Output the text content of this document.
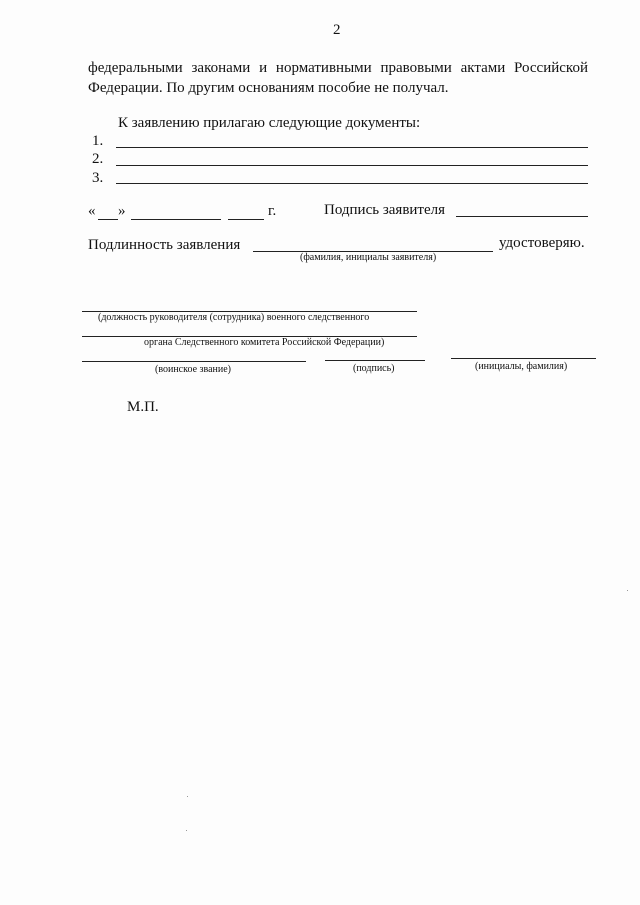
2
федеральными законами и нормативными правовыми актами Российской
Федерации. По другим основаниям пособие не получал.
К заявлению прилагаю следующие документы:
1.
2.
3.
« »	г.	Подпись заявителя
Подлинность заявления	удостоверяю.
(фамилия, инициалы заявителя)
(должность руководителя (сотрудника) военного следственного
органа Следственного комитета Российской Федерации)
(воинское звание)	(подпись)	(инициалы, фамилия)
М.П.
